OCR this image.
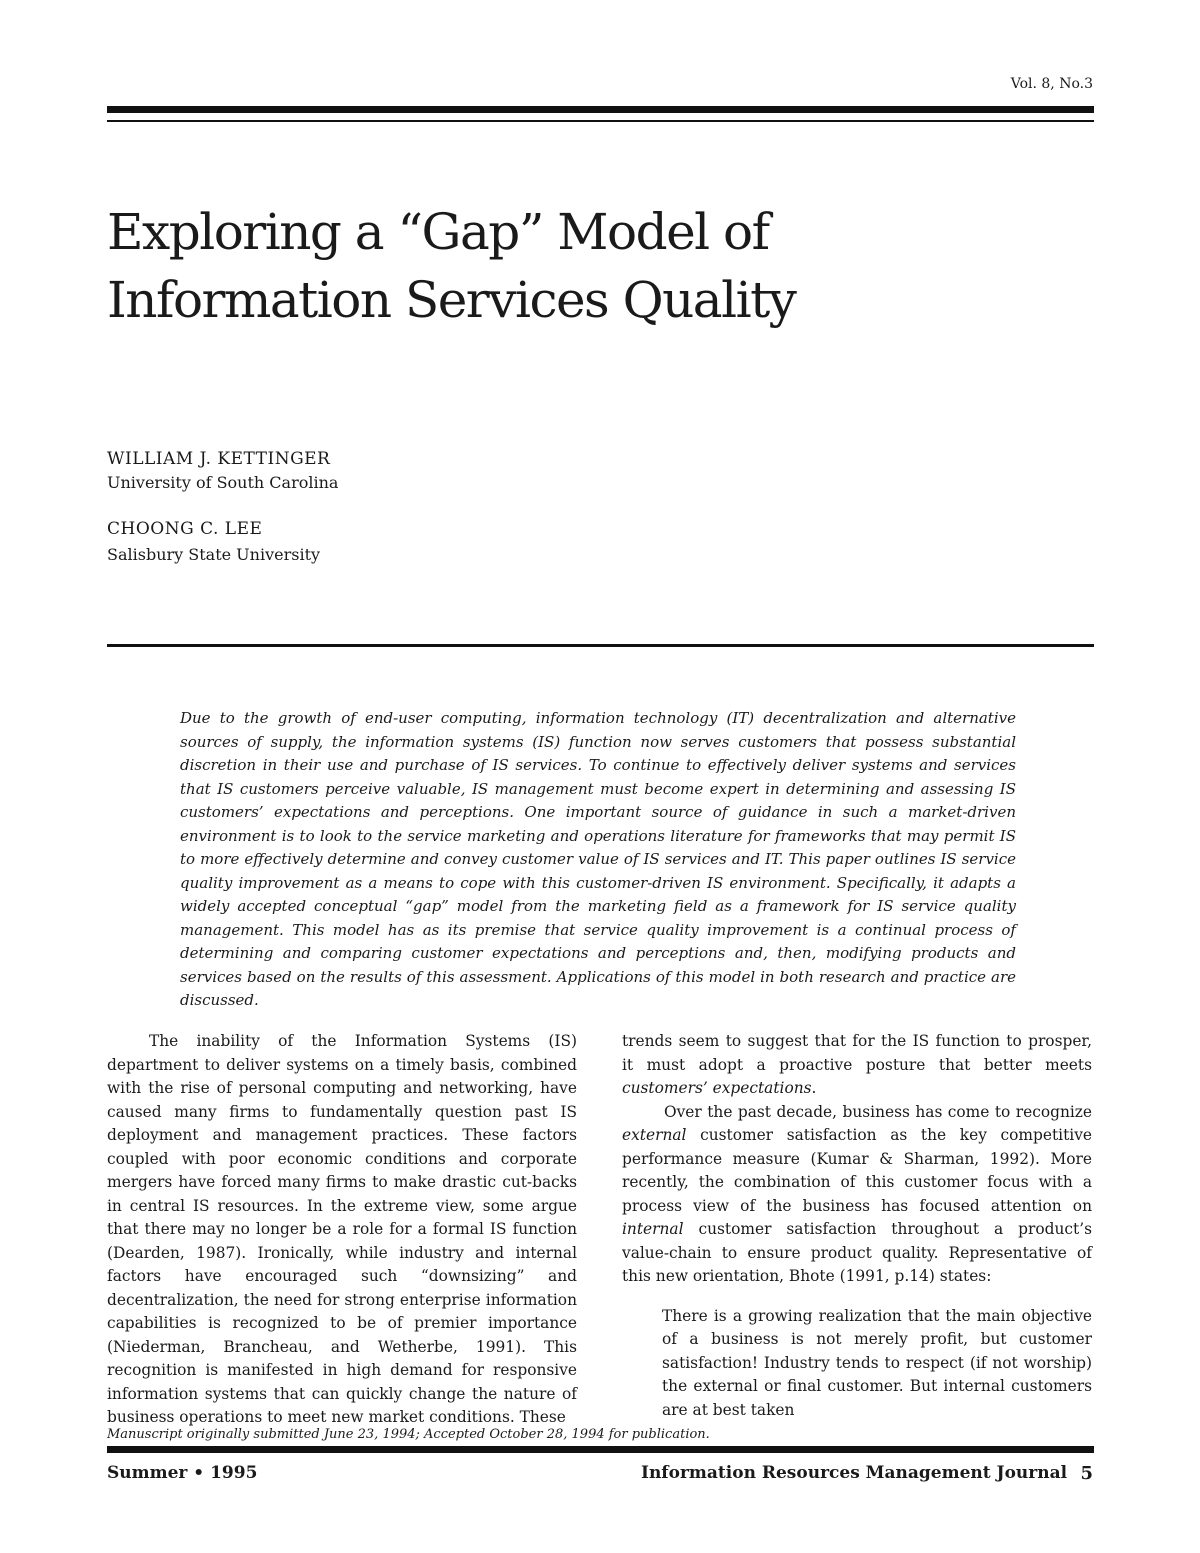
Vol. 8, No.3
Exploring a “Gap” Model of
Information Services Quality
WILLIAM J. KETTINGER
University of South Carolina
CHOONG C. LEE
Salisbury State University

Due to the growth of end-user computing, information technology (IT) decentralization and alternative sources of supply, the information systems (IS) function now serves customers that possess substantial discretion in their use and purchase of IS services. To continue to effectively deliver systems and services that IS customers perceive valuable, IS management must become expert in determining and assessing IS customers’ expectations and perceptions. One important source of guidance in such a market-driven environment is to look to the service marketing and operations literature for frameworks that may permit IS to more effectively determine and convey customer value of IS services and IT. This paper outlines IS service quality improvement as a means to cope with this customer-driven IS environment. Specifically, it adapts a widely accepted conceptual “gap” model from the marketing field as a framework for IS service quality management. This model has as its premise that service quality improvement is a continual process of determining and comparing customer expectations and perceptions and, then, modifying products and services based on the results of this assessment. Applications of this model in both research and practice are discussed.

The inability of the Information Systems (IS) department to deliver systems on a timely basis, combined with the rise of personal computing and networking, have caused many firms to fundamentally question past IS deployment and management practices. These factors coupled with poor economic conditions and corporate mergers have forced many firms to make drastic cut-backs in central IS resources. In the extreme view, some argue that there may no longer be a role for a formal IS function (Dearden, 1987). Ironically, while industry and internal factors have encouraged such “downsizing” and decentralization, the need for strong enterprise information capabilities is recognized to be of premier importance (Niederman, Brancheau, and Wetherbe, 1991). This recognition is manifested in high demand for responsive information systems that can quickly change the nature of business operations to meet new market conditions. These

trends seem to suggest that for the IS function to prosper, it must adopt a proactive posture that better meets customers’ expectations.

Over the past decade, business has come to recognize external customer satisfaction as the key competitive performance measure (Kumar & Sharman, 1992). More recently, the combination of this customer focus with a process view of the business has focused attention on internal customer satisfaction throughout a product’s value-chain to ensure product quality. Representative of this new orientation, Bhote (1991, p.14) states:

There is a growing realization that the main objective of a business is not merely profit, but customer satisfaction! Industry tends to respect (if not worship) the external or final customer. But internal customers are at best taken

Manuscript originally submitted June 23, 1994; Accepted October 28, 1994 for publication.
Summer • 1995	Information Resources Management Journal 5
